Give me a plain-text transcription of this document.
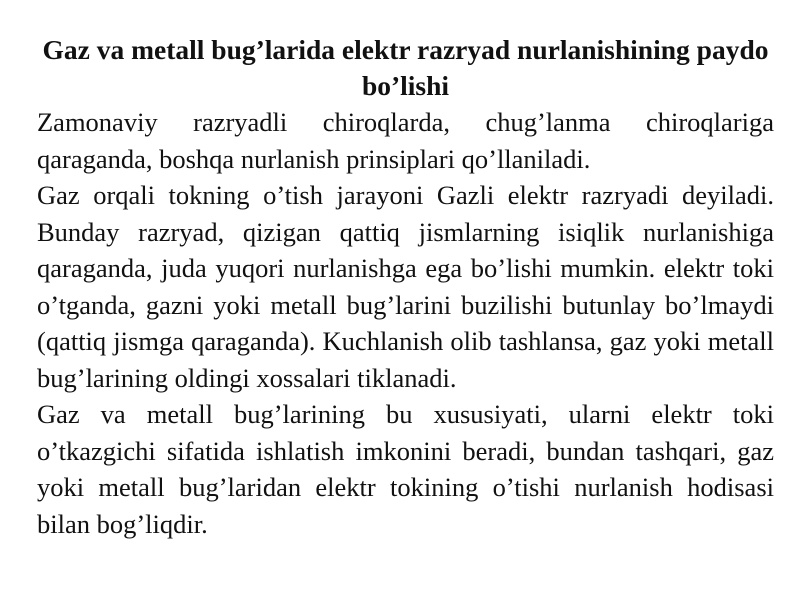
Gaz va metall bug’larida elektr razryad nurlanishining paydo bo’lishi

Zamonaviy razryadli chiroqlarda, chug’lanma chiroqlariga qaraganda, boshqa nurlanish prinsiplari qo’llaniladi.

Gaz orqali tokning o’tish jarayoni Gazli elektr razryadi deyiladi. Bunday razryad, qizigan qattiq jismlarning isiqlik nurlanishiga qaraganda, juda yuqori nurlanishga ega bo’lishi mumkin. elektr toki o’tganda, gazni yoki metall bug’larini buzilishi butunlay bo’lmaydi (qattiq jismga qaraganda). Kuchlanish olib tashlansa, gaz yoki metall bug’larining oldingi xossalari tiklanadi.

Gaz va metall bug’larining bu xususiyati, ularni elektr toki o’tkazgichi sifatida ishlatish imkonini beradi, bundan tashqari, gaz yoki metall bug’laridan elektr tokining o’tishi nurlanish hodisasi bilan bog’liqdir.
